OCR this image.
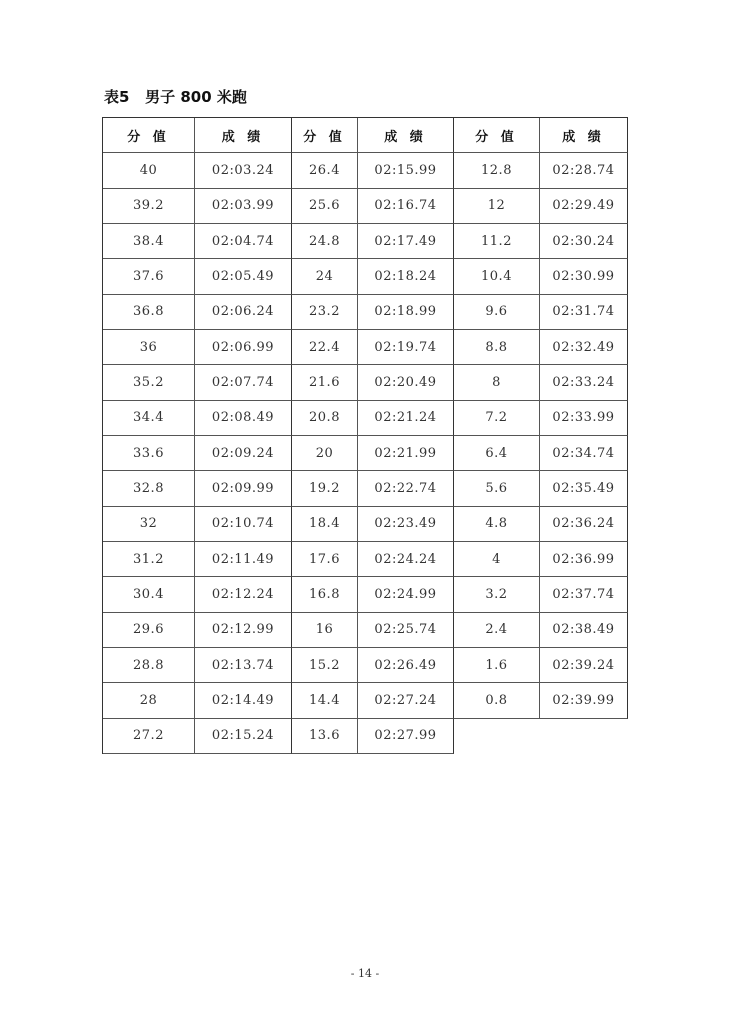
表5   男子 800 米跑
分 值	成 绩	分 值	成 绩	分 值	成 绩
40	02:03.24	26.4	02:15.99	12.8	02:28.74
39.2	02:03.99	25.6	02:16.74	12	02:29.49
38.4	02:04.74	24.8	02:17.49	11.2	02:30.24
37.6	02:05.49	24	02:18.24	10.4	02:30.99
36.8	02:06.24	23.2	02:18.99	9.6	02:31.74
36	02:06.99	22.4	02:19.74	8.8	02:32.49
35.2	02:07.74	21.6	02:20.49	8	02:33.24
34.4	02:08.49	20.8	02:21.24	7.2	02:33.99
33.6	02:09.24	20	02:21.99	6.4	02:34.74
32.8	02:09.99	19.2	02:22.74	5.6	02:35.49
32	02:10.74	18.4	02:23.49	4.8	02:36.24
31.2	02:11.49	17.6	02:24.24	4	02:36.99
30.4	02:12.24	16.8	02:24.99	3.2	02:37.74
29.6	02:12.99	16	02:25.74	2.4	02:38.49
28.8	02:13.74	15.2	02:26.49	1.6	02:39.24
28	02:14.49	14.4	02:27.24	0.8	02:39.99
27.2	02:15.24	13.6	02:27.99
- 14 -
